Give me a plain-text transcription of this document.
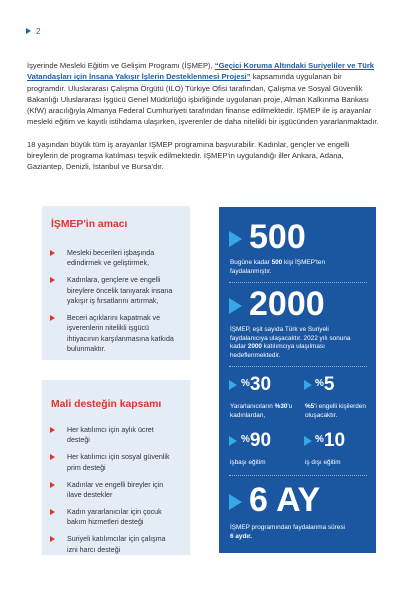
2

İşyerinde Mesleki Eğitim ve Gelişim Programı (İŞMEP), “Geçici Koruma Altındaki Suriyeliler ve Türk Vatandaşları için İnsana Yakışır İşlerin Desteklenmesi Projesi” kapsamında uygulanan bir programdır. Uluslararası Çalışma Örgütü (ILO) Türkiye Ofisi tarafından, Çalışma ve Sosyal Güvenlik Bakanlığı Uluslararası İşgücü Genel Müdürlüğü işbirliğinde uygulanan proje, Alman Kalkınma Bankası (KfW) aracılığıyla Almanya Federal Cumhuriyeti tarafından finanse edilmektedir. İŞMEP ile iş arayanlar mesleki eğitim ve kayıtlı istihdama ulaşırken, işverenler de daha nitelikli bir işgücünden yararlanmaktadır.

18 yaşından büyük tüm iş arayanlar İŞMEP programına başvurabilir. Kadınlar, gençler ve engelli bireylerin de programa katılması teşvik edilmektedir. İŞMEP'in uygulandığı iller Ankara, Adana, Gaziantep, Denizli, İstanbul ve Bursa'dır.

İŞMEP'in amacı
Mesleki becerileri işbaşında edindirmek ve geliştirmek,
Kadınlara, gençlere ve engelli bireylere öncelik tanıyarak insana yakışır iş fırsatlarını artırmak,
Beceri açıklarını kapatmak ve işverenlerin nitelikli işgücü ihtiyacının karşılanmasına katkıda bulunmaktır.
Mali desteğin kapsamı
Her katılımcı için aylık ücret desteği
Her katılımcı için sosyal güvenlik prim desteği
Kadınlar ve engelli bireyler için ilave destekler
Kadın yararlanıcılar için çocuk bakım hizmetleri desteği
Suriyeli katılımcılar için çalışma izni harcı desteği
500
Bugüne kadar 500 kişi İŞMEP'ten faydalanmıştır.
2000
İŞMEP, eşit sayıda Türk ve Suriyeli faydalanıcıya ulaşacaktır. 2022 yılı sonuna kadar 2000 katılımcıya ulaşılması hedeflenmektedir.
%30
Yararlanıcıların %30'u kadınlardan,
%5
%5'i engelli kişilerden oluşacaktır.
%90
işbaşı eğitim
%10
iş dışı eğitim
6 AY
İŞMEP programından faydalanma süresi
6 aydır.
